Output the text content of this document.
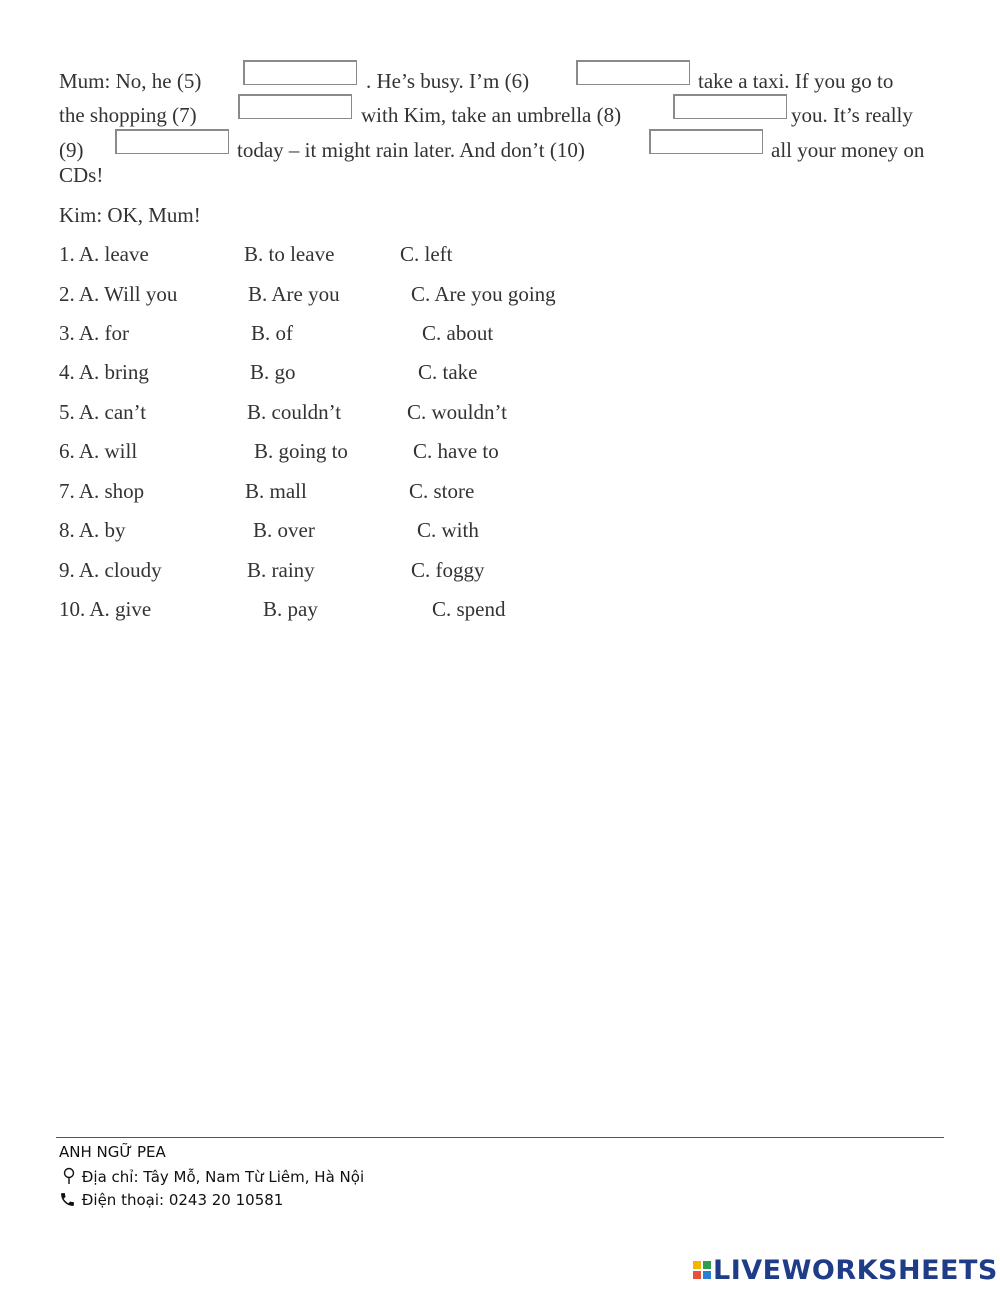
Mum: No, he (5)	. He’s busy. I’m (6)	take a taxi. If you go to
the shopping (7)	with Kim, take an umbrella (8)	you. It’s really
(9)	today – it might rain later. And don’t (10)	all your money on
CDs!
Kim: OK, Mum!
1. A. leave	B. to leave	C. left
2. A. Will you	B. Are you	C. Are you going
3. A. for	B. of	C. about
4. A. bring	B. go	C. take
5. A. can’t	B. couldn’t	C. wouldn’t
6. A. will	B. going to	C. have to
7. A. shop	B. mall	C. store
8. A. by	B. over	C. with
9. A. cloudy	B. rainy	C. foggy
10. A. give	B. pay	C. spend
ANH NGỮ PEA
Địa chỉ: Tây Mỗ, Nam Từ Liêm, Hà Nội
Điện thoại: 0243 20 10581
LIVEWORKSHEETS
